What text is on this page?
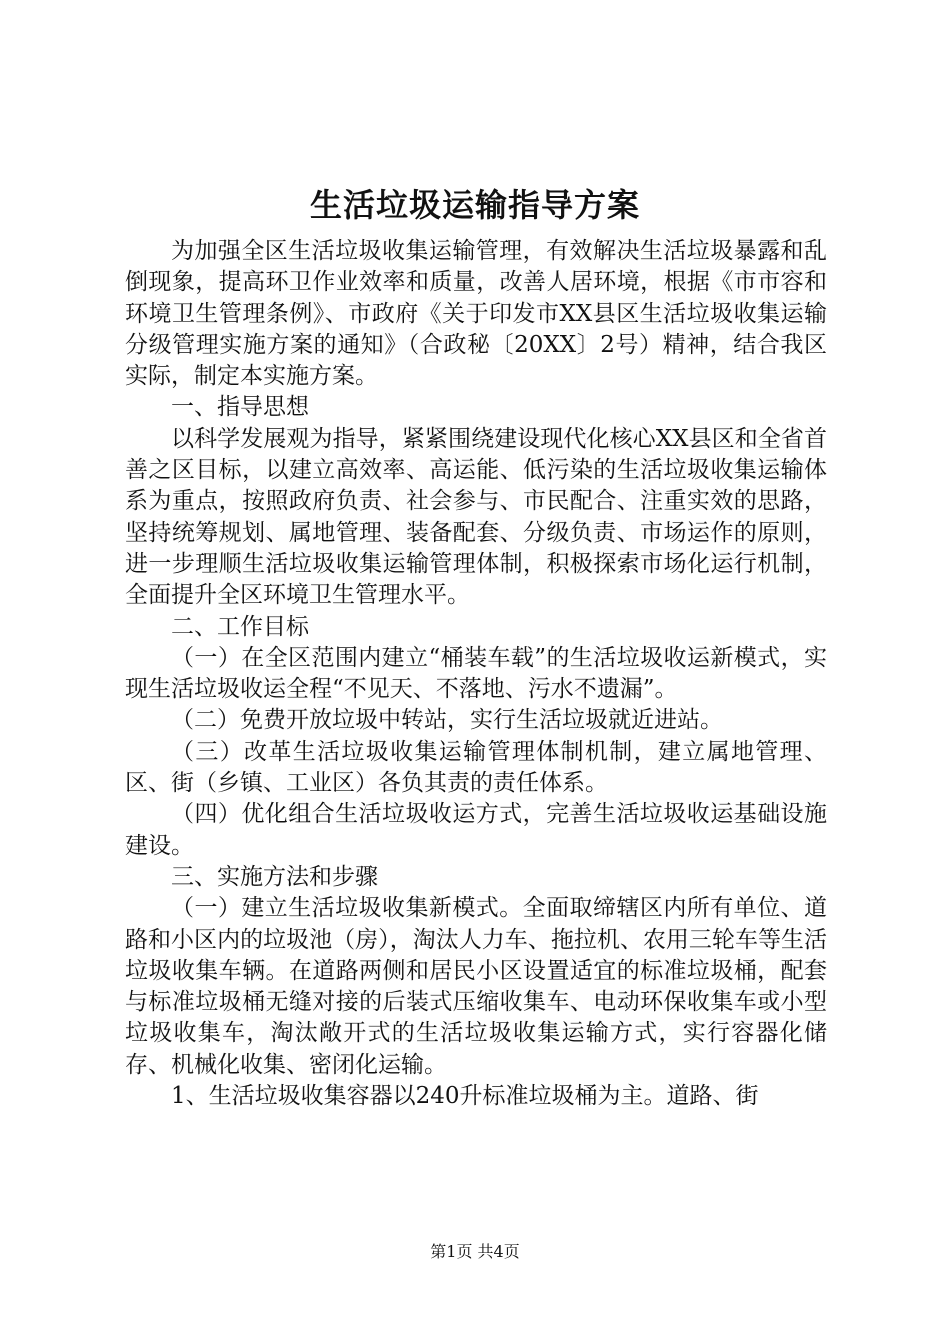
生活垃圾运输指导方案

为加强全区生活垃圾收集运输管理，有效解决生活垃圾暴露和乱倒现象，提高环卫作业效率和质量，改善人居环境，根据《市市容和环境卫生管理条例》、市政府《关于印发市XX县区生活垃圾收集运输分级管理实施方案的通知》（合政秘〔20XX〕2号）精神，结合我区实际，制定本实施方案。

一、指导思想

以科学发展观为指导，紧紧围绕建设现代化核心XX县区和全省首善之区目标，以建立高效率、高运能、低污染的生活垃圾收集运输体系为重点，按照政府负责、社会参与、市民配合、注重实效的思路，坚持统筹规划、属地管理、装备配套、分级负责、市场运作的原则，进一步理顺生活垃圾收集运输管理体制，积极探索市场化运行机制，全面提升全区环境卫生管理水平。

二、工作目标

（一）在全区范围内建立“桶装车载”的生活垃圾收运新模式，实现生活垃圾收运全程“不见天、不落地、污水不遗漏”。

（二）免费开放垃圾中转站，实行生活垃圾就近进站。

（三）改革生活垃圾收集运输管理体制机制，建立属地管理、区、街（乡镇、工业区）各负其责的责任体系。

（四）优化组合生活垃圾收运方式，完善生活垃圾收运基础设施建设。

三、实施方法和步骤

（一）建立生活垃圾收集新模式。全面取缔辖区内所有单位、道路和小区内的垃圾池（房），淘汰人力车、拖拉机、农用三轮车等生活垃圾收集车辆。在道路两侧和居民小区设置适宜的标准垃圾桶，配套与标准垃圾桶无缝对接的后装式压缩收集车、电动环保收集车或小型垃圾收集车，淘汰敞开式的生活垃圾收集运输方式，实行容器化储存、机械化收集、密闭化运输。

1、生活垃圾收集容器以240升标准垃圾桶为主。道路、街

第1页 共4页
